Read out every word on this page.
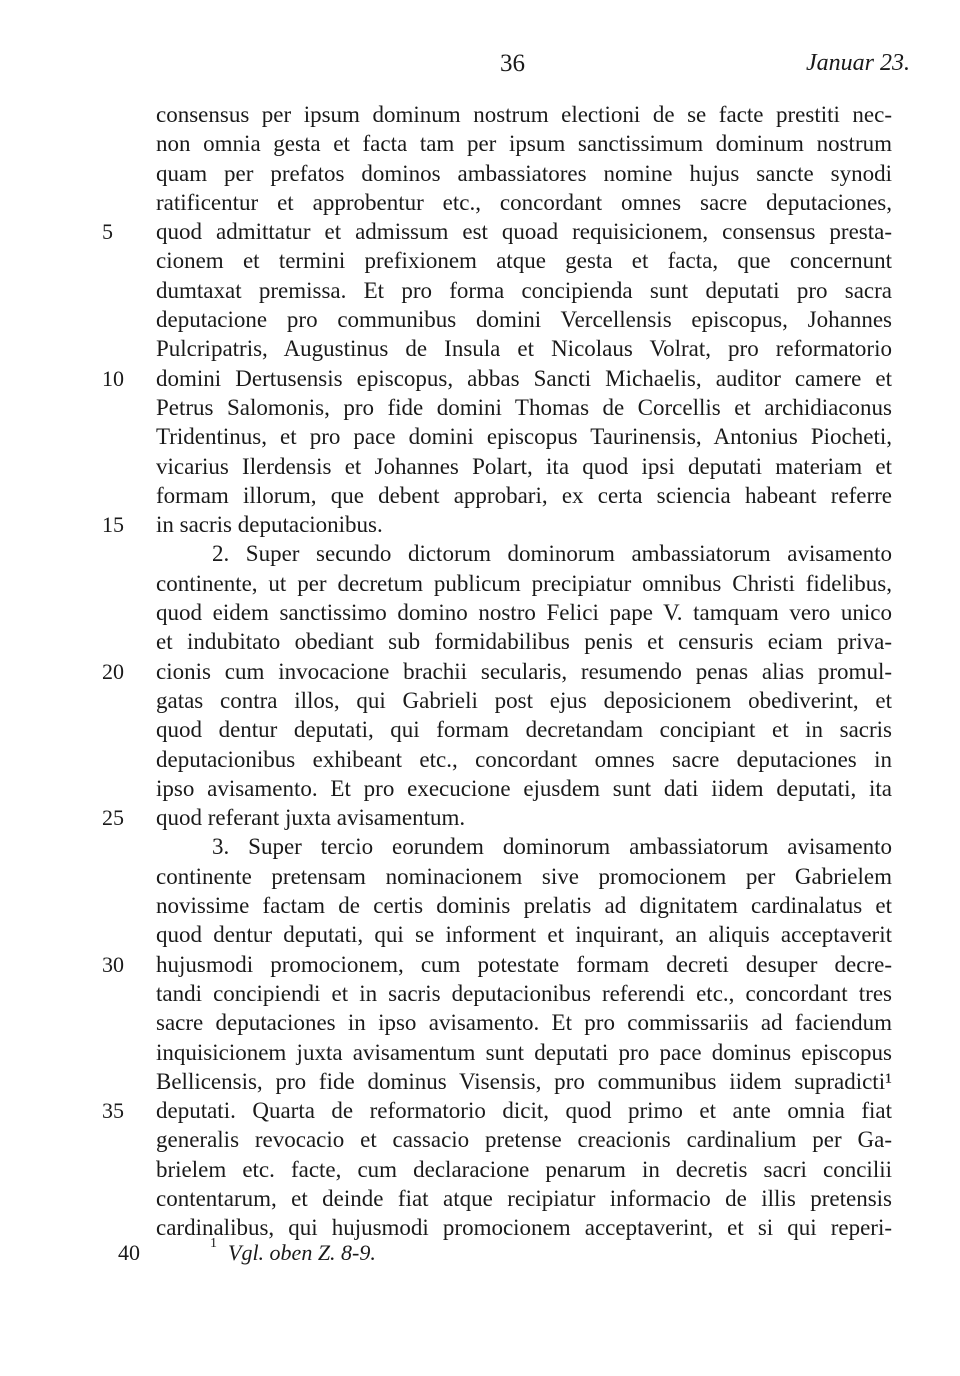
36	Januar 23.
consensus per ipsum dominum nostrum electioni de se facte prestiti nec-
non omnia gesta et facta tam per ipsum sanctissimum dominum nostrum
quam per prefatos dominos ambassiatores nomine hujus sancte synodi
ratificentur et approbentur etc., concordant omnes sacre deputaciones,
5	quod admittatur et admissum est quoad requisicionem, consensus presta-
cionem et termini prefixionem atque gesta et facta, que concernunt
dumtaxat premissa. Et pro forma concipienda sunt deputati pro sacra
deputacione pro communibus domini Vercellensis episcopus, Johannes
Pulcripatris, Augustinus de Insula et Nicolaus Volrat, pro reformatorio
10	domini Dertusensis episcopus, abbas Sancti Michaelis, auditor camere et
Petrus Salomonis, pro fide domini Thomas de Corcellis et archidiaconus
Tridentinus, et pro pace domini episcopus Taurinensis, Antonius Piocheti,
vicarius Ilerdensis et Johannes Polart, ita quod ipsi deputati materiam et
formam illorum, que debent approbari, ex certa sciencia habeant referre
15	in sacris deputacionibus.
2. Super secundo dictorum dominorum ambassiatorum avisamento
continente, ut per decretum publicum precipiatur omnibus Christi fidelibus,
quod eidem sanctissimo domino nostro Felici pape V. tamquam vero unico
et indubitato obediant sub formidabilibus penis et censuris eciam priva-
20	cionis cum invocacione brachii secularis, resumendo penas alias promul-
gatas contra illos, qui Gabrieli post ejus deposicionem obediverint, et
quod dentur deputati, qui formam decretandam concipiant et in sacris
deputacionibus exhibeant etc., concordant omnes sacre deputaciones in
ipso avisamento. Et pro execucione ejusdem sunt dati iidem deputati, ita
25	quod referant juxta avisamentum.
3. Super tercio eorundem dominorum ambassiatorum avisamento
continente pretensam nominacionem sive promocionem per Gabrielem
novissime factam de certis dominis prelatis ad dignitatem cardinalatus et
quod dentur deputati, qui se informent et inquirant, an aliquis acceptaverit
30	hujusmodi promocionem, cum potestate formam decreti desuper decre-
tandi concipiendi et in sacris deputacionibus referendi etc., concordant tres
sacre deputaciones in ipso avisamento. Et pro commissariis ad faciendum
inquisicionem juxta avisamentum sunt deputati pro pace dominus episcopus
Bellicensis, pro fide dominus Visensis, pro communibus iidem supradicti¹
35	deputati. Quarta de reformatorio dicit, quod primo et ante omnia fiat
generalis revocacio et cassacio pretense creacionis cardinalium per Ga-
brielem etc. facte, cum declaracione penarum in decretis sacri concilii
contentarum, et deinde fiat atque recipiatur informacio de illis pretensis
cardinalibus, qui hujusmodi promocionem acceptaverint, et si qui reperi-
40	1 Vgl. oben Z. 8-9.
